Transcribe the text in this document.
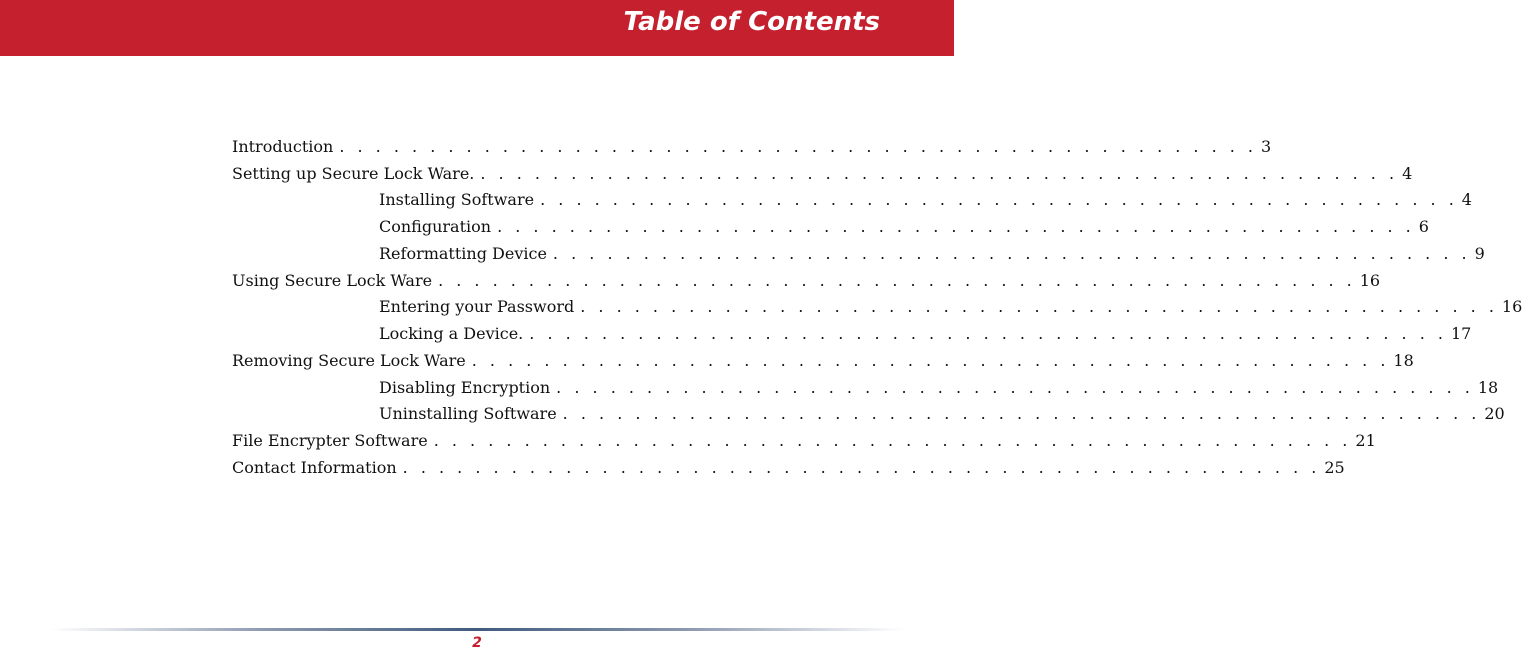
Table of Contents
Introduction . . . . . . . . . . . . . . . . . . . . . . . . . . . . . . . . . . . . . . . . . . . . . . . . . . . 3
Setting up Secure Lock Ware. . . . . . . . . . . . . . . . . . . . . . . . . . . . . . . . . . . . . . . . . . . . . . . . . . . . 4
Installing Software . . . . . . . . . . . . . . . . . . . . . . . . . . . . . . . . . . . . . . . . . . . . . . . . . . . 4
Configuration . . . . . . . . . . . . . . . . . . . . . . . . . . . . . . . . . . . . . . . . . . . . . . . . . . . 6
Reformatting Device . . . . . . . . . . . . . . . . . . . . . . . . . . . . . . . . . . . . . . . . . . . . . . . . . . . 9
Using Secure Lock Ware . . . . . . . . . . . . . . . . . . . . . . . . . . . . . . . . . . . . . . . . . . . . . . . . . . . 16
Entering your Password . . . . . . . . . . . . . . . . . . . . . . . . . . . . . . . . . . . . . . . . . . . . . . . . . . . 16
Locking a Device. . . . . . . . . . . . . . . . . . . . . . . . . . . . . . . . . . . . . . . . . . . . . . . . . . . . 17
Removing Secure Lock Ware . . . . . . . . . . . . . . . . . . . . . . . . . . . . . . . . . . . . . . . . . . . . . . . . . . . 18
Disabling Encryption . . . . . . . . . . . . . . . . . . . . . . . . . . . . . . . . . . . . . . . . . . . . . . . . . . . 18
Uninstalling Software . . . . . . . . . . . . . . . . . . . . . . . . . . . . . . . . . . . . . . . . . . . . . . . . . . . 20
File Encrypter Software . . . . . . . . . . . . . . . . . . . . . . . . . . . . . . . . . . . . . . . . . . . . . . . . . . . 21
Contact Information . . . . . . . . . . . . . . . . . . . . . . . . . . . . . . . . . . . . . . . . . . . . . . . . . . . 25
2
